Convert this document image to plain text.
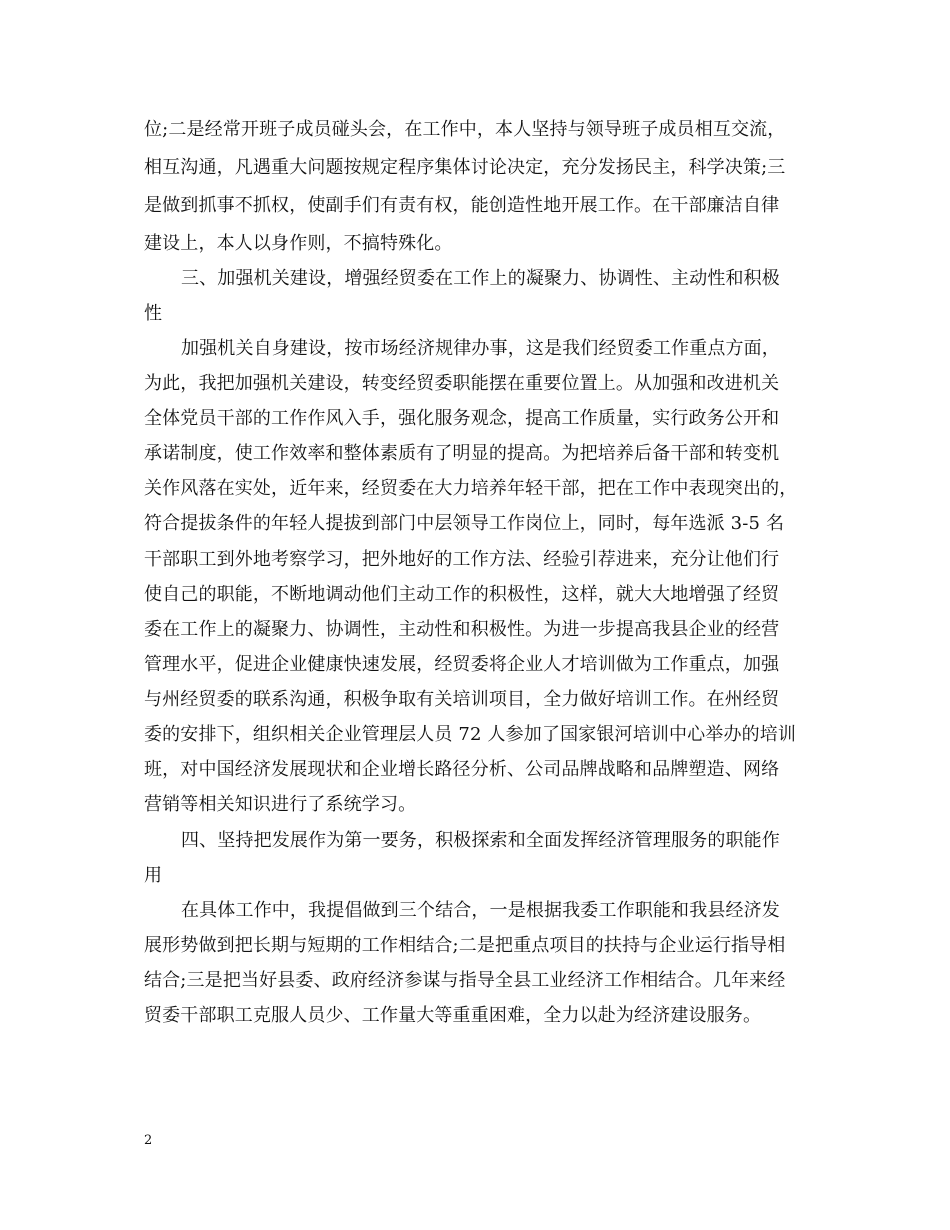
位;二是经常开班子成员碰头会，在工作中，本人坚持与领导班子成员相互交流，
相互沟通，凡遇重大问题按规定程序集体讨论决定，充分发扬民主，科学决策;三
是做到抓事不抓权，使副手们有责有权，能创造性地开展工作。在干部廉洁自律
建设上，本人以身作则，不搞特殊化。
三、加强机关建设，增强经贸委在工作上的凝聚力、协调性、主动性和积极
性
加强机关自身建设，按市场经济规律办事，这是我们经贸委工作重点方面，
为此，我把加强机关建设，转变经贸委职能摆在重要位置上。从加强和改进机关
全体党员干部的工作作风入手，强化服务观念，提高工作质量，实行政务公开和
承诺制度，使工作效率和整体素质有了明显的提高。为把培养后备干部和转变机
关作风落在实处，近年来，经贸委在大力培养年轻干部，把在工作中表现突出的，
符合提拔条件的年轻人提拔到部门中层领导工作岗位上，同时，每年选派 3-5 名
干部职工到外地考察学习，把外地好的工作方法、经验引荐进来，充分让他们行
使自己的职能，不断地调动他们主动工作的积极性，这样，就大大地增强了经贸
委在工作上的凝聚力、协调性，主动性和积极性。为进一步提高我县企业的经营
管理水平，促进企业健康快速发展，经贸委将企业人才培训做为工作重点，加强
与州经贸委的联系沟通，积极争取有关培训项目，全力做好培训工作。在州经贸
委的安排下，组织相关企业管理层人员 72 人参加了国家银河培训中心举办的培训
班，对中国经济发展现状和企业增长路径分析、公司品牌战略和品牌塑造、网络
营销等相关知识进行了系统学习。
四、坚持把发展作为第一要务，积极探索和全面发挥经济管理服务的职能作
用
在具体工作中，我提倡做到三个结合，一是根据我委工作职能和我县经济发
展形势做到把长期与短期的工作相结合;二是把重点项目的扶持与企业运行指导相
结合;三是把当好县委、政府经济参谋与指导全县工业经济工作相结合。几年来经
贸委干部职工克服人员少、工作量大等重重困难，全力以赴为经济建设服务。
2
